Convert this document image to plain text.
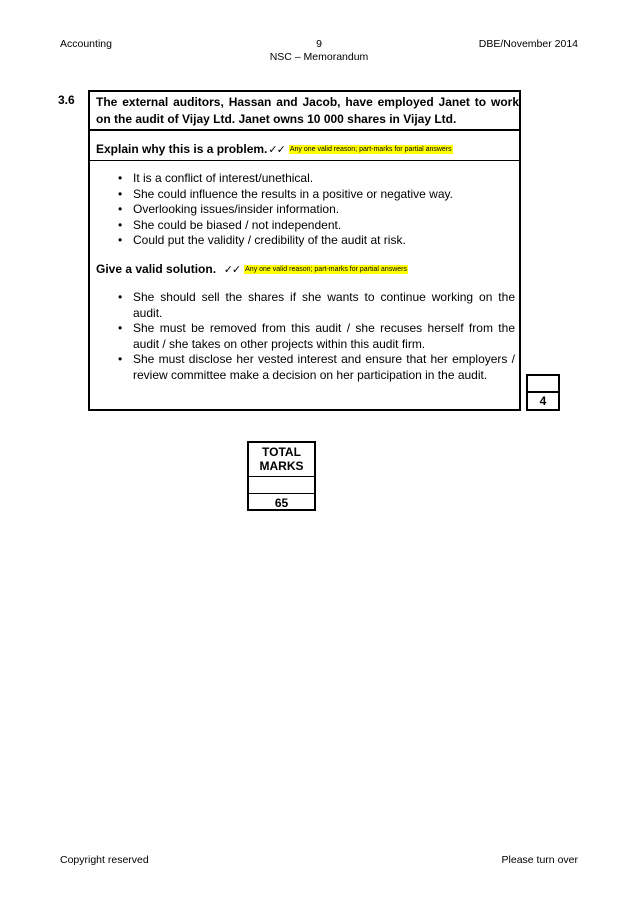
Accounting	9
NSC – Memorandum
DBE/November 2014
3.6 The external auditors, Hassan and Jacob, have employed Janet to work on the audit of Vijay Ltd. Janet owns 10 000 shares in Vijay Ltd.
Explain why this is a problem.✓✓ Any one valid reason; part-marks for partial answers
• It is a conflict of interest/unethical.
• She could influence the results in a positive or negative way.
• Overlooking issues/insider information.
• She could be biased / not independent.
• Could put the validity / credibility of the audit at risk.
Give a valid solution. ✓✓ Any one valid reason; part-marks for partial answers
• She should sell the shares if she wants to continue working on the audit.
• She must be removed from this audit / she recuses herself from the audit / she takes on other projects within this audit firm.
• She must disclose her vested interest and ensure that her employers / review committee make a decision on her participation in the audit.
4
TOTAL
MARKS
65
Copyright reserved	Please turn over
